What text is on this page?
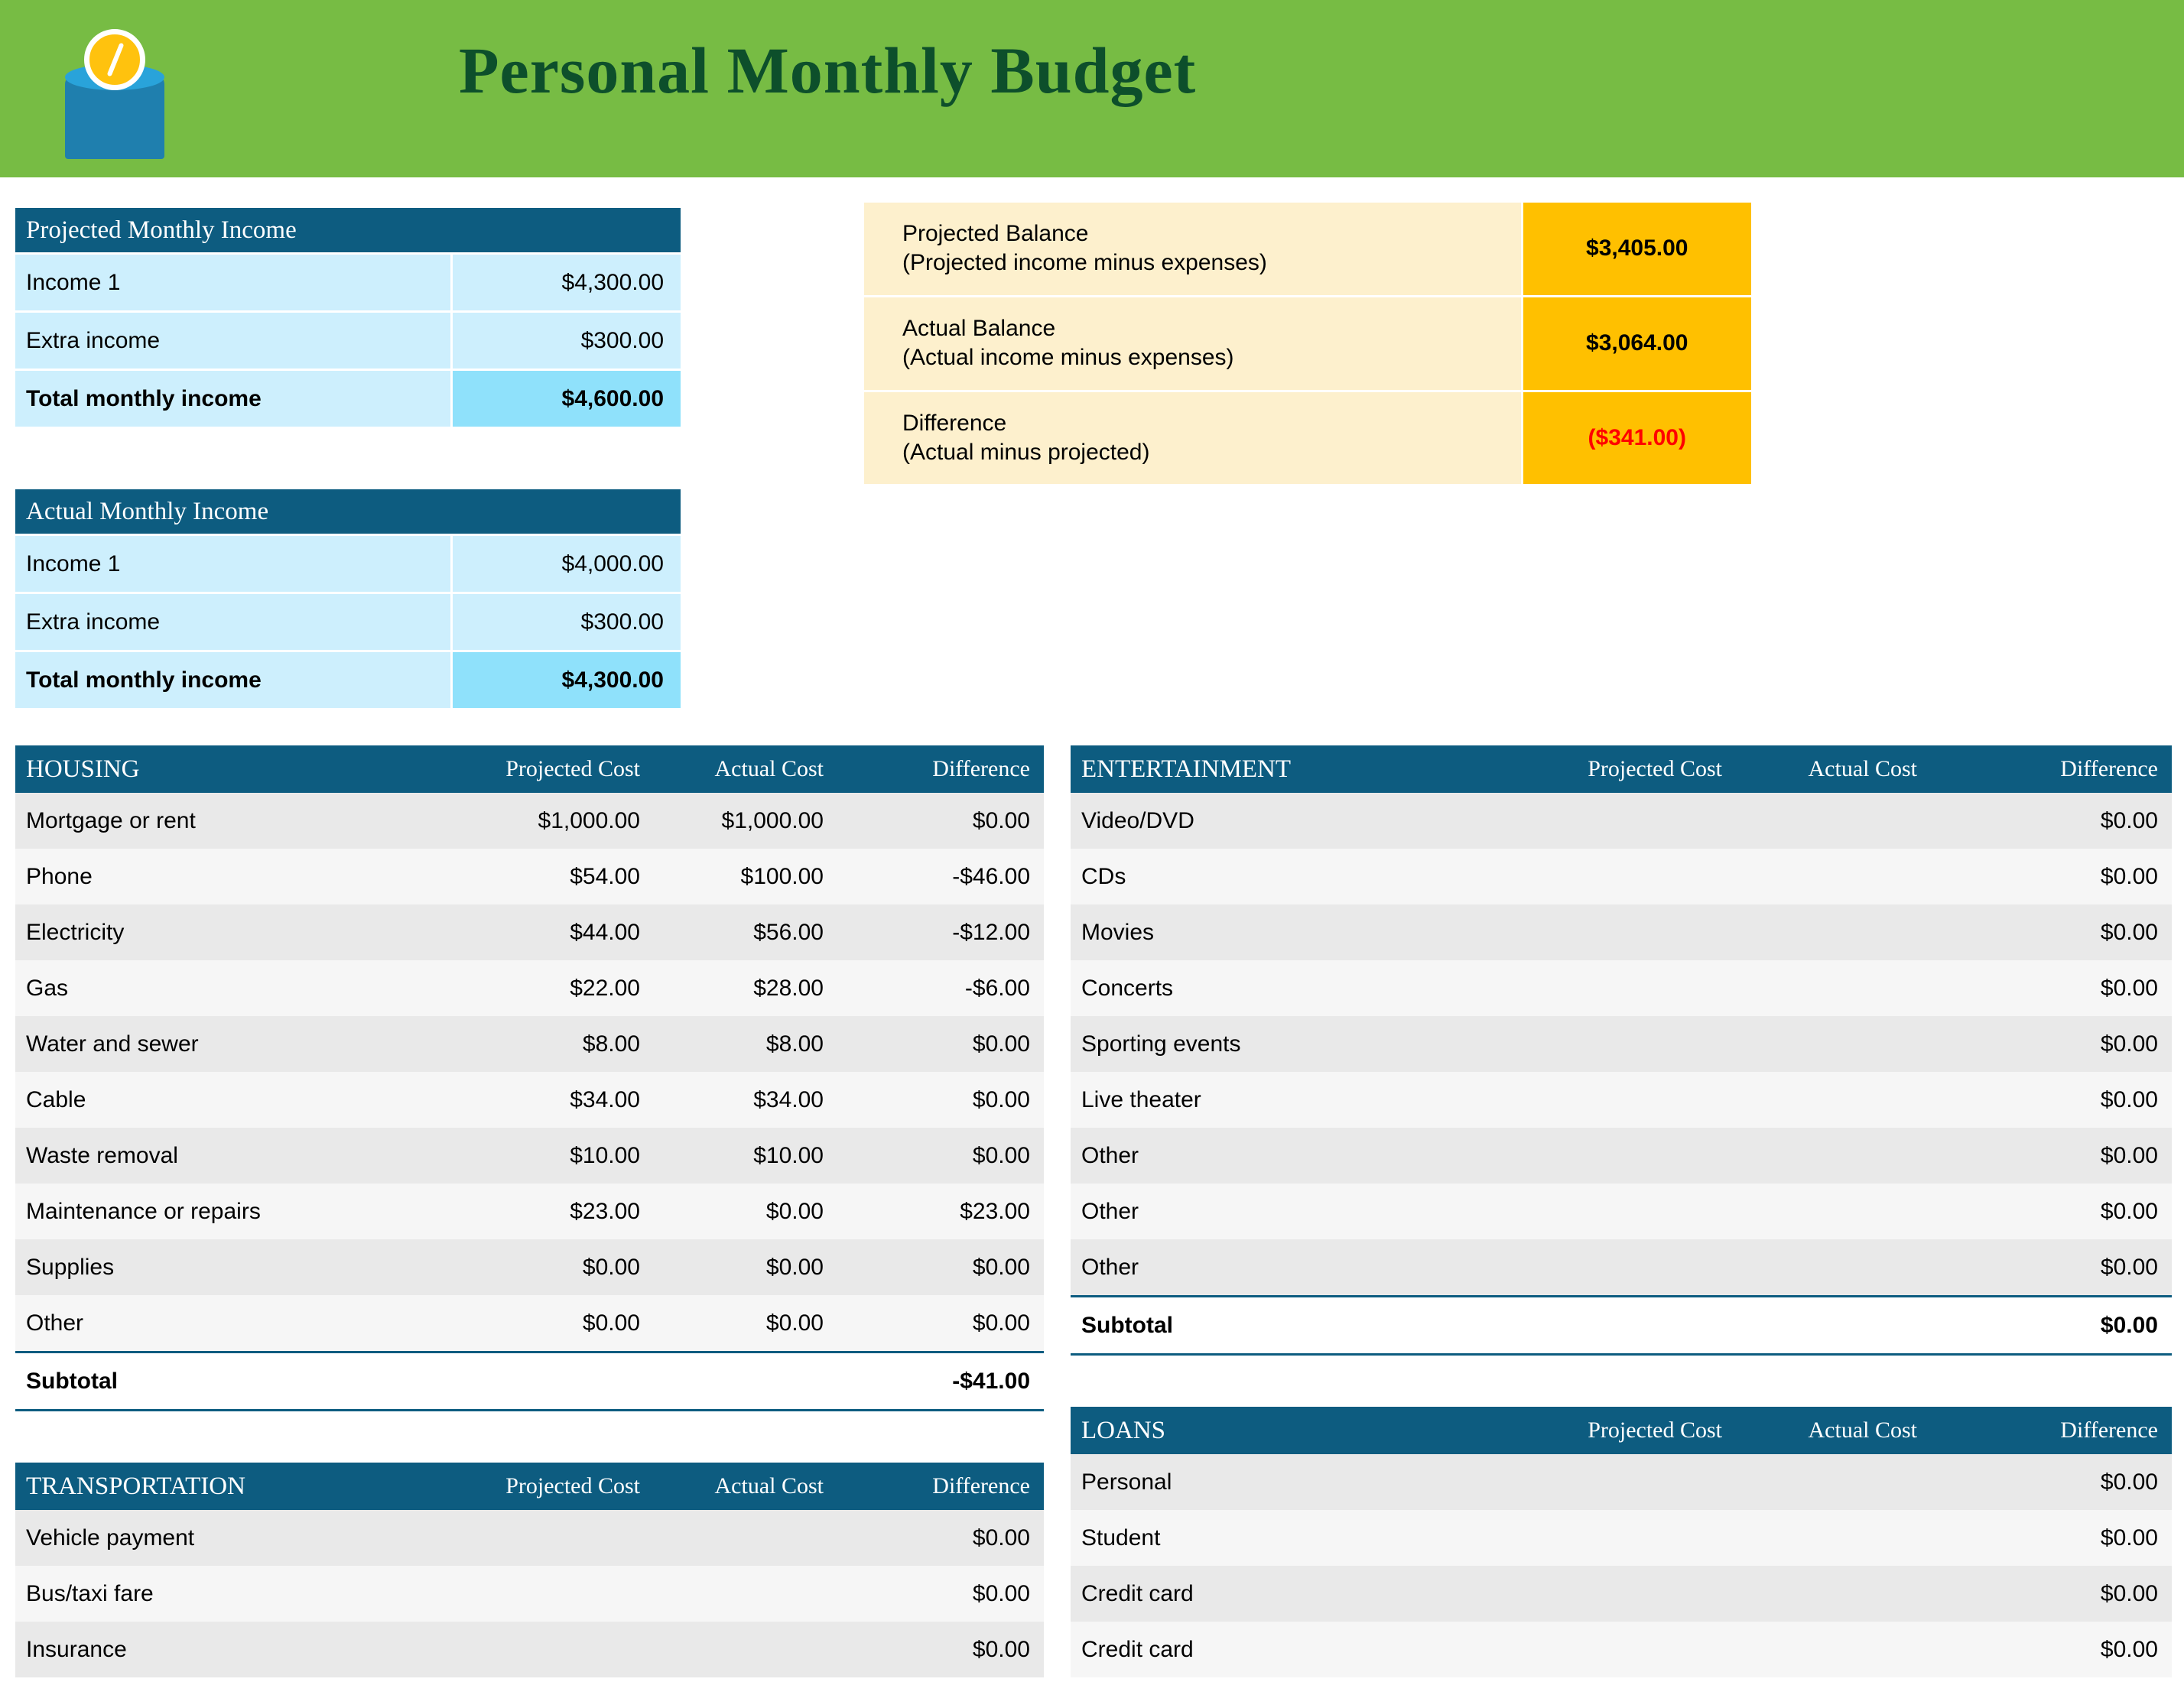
Personal Monthly Budget
Projected Monthly Income	
Income 1	$4,300.00
Extra income	$300.00
Total monthly income	$4,600.00
Actual Monthly Income	
Income 1	$4,000.00
Extra income	$300.00
Total monthly income	$4,300.00
Projected Balance
(Projected income minus expenses)	$3,405.00
Actual Balance
(Actual income minus expenses)	$3,064.00
Difference
(Actual minus projected)	($341.00)
HOUSING	Projected Cost	Actual Cost	Difference
Mortgage or rent	$1,000.00	$1,000.00	$0.00
Phone	$54.00	$100.00	-$46.00
Electricity	$44.00	$56.00	-$12.00
Gas	$22.00	$28.00	-$6.00
Water and sewer	$8.00	$8.00	$0.00
Cable	$34.00	$34.00	$0.00
Waste removal	$10.00	$10.00	$0.00
Maintenance or repairs	$23.00	$0.00	$23.00
Supplies	$0.00	$0.00	$0.00
Other	$0.00	$0.00	$0.00
Subtotal			-$41.00
TRANSPORTATION	Projected Cost	Actual Cost	Difference
Vehicle payment			$0.00
Bus/taxi fare			$0.00
Insurance			$0.00
ENTERTAINMENT	Projected Cost	Actual Cost	Difference
Video/DVD			$0.00
CDs			$0.00
Movies			$0.00
Concerts			$0.00
Sporting events			$0.00
Live theater			$0.00
Other			$0.00
Other			$0.00
Other			$0.00
Subtotal			$0.00
LOANS	Projected Cost	Actual Cost	Difference
Personal			$0.00
Student			$0.00
Credit card			$0.00
Credit card			$0.00
